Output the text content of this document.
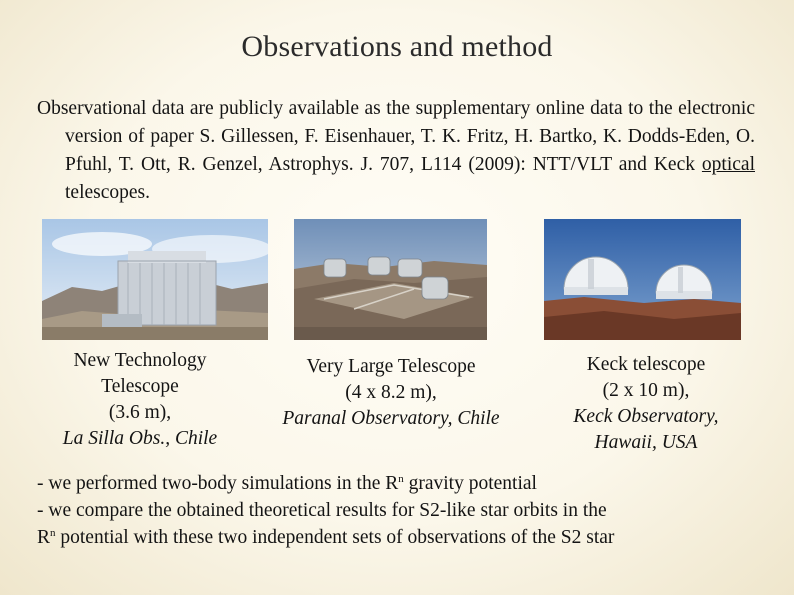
Observations and method
Observational data are publicly available as the supplementary online data to the electronic version of paper S. Gillessen, F. Eisenhauer, T. K. Fritz, H. Bartko, K. Dodds-Eden, O. Pfuhl, T. Ott, R. Genzel, Astrophys. J. 707, L114 (2009): NTT/VLT and Keck optical telescopes.
New Technology
Telescope
(3.6 m),
La Silla Obs., Chile
Very Large Telescope
(4 x 8.2 m),
Paranal Observatory, Chile
Keck telescope
(2 x 10 m),
Keck Observatory,
Hawaii, USA
- we performed two-body simulations in the $R^n$ gravity potential
- we compare the obtained theoretical results for S2-like star orbits in the
$R^n$ potential with these two independent sets of observations of the S2 star
